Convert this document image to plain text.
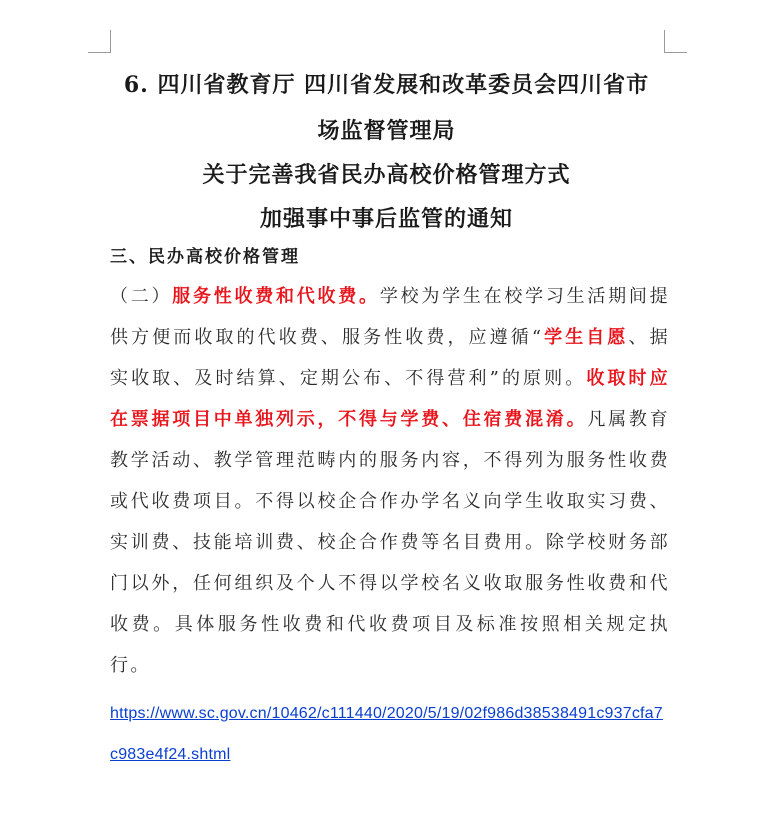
6. 四川省教育厅 四川省发展和改革委员会四川省市
场监督管理局
关于完善我省民办高校价格管理方式
加强事中事后监管的通知
三、民办高校价格管理
（二）服务性收费和代收费。学校为学生在校学习生活期间提供方便而收取的代收费、服务性收费，应遵循“学生自愿、据实收取、及时结算、定期公布、不得营利”的原则。收取时应在票据项目中单独列示，不得与学费、住宿费混淆。凡属教育教学活动、教学管理范畴内的服务内容，不得列为服务性收费或代收费项目。不得以校企合作办学名义向学生收取实习费、实训费、技能培训费、校企合作费等名目费用。除学校财务部门以外，任何组织及个人不得以学校名义收取服务性收费和代收费。具体服务性收费和代收费项目及标准按照相关规定执行。
https://www.sc.gov.cn/10462/c111440/2020/5/19/02f986d38538491c937cfa7c983e4f24.shtml
